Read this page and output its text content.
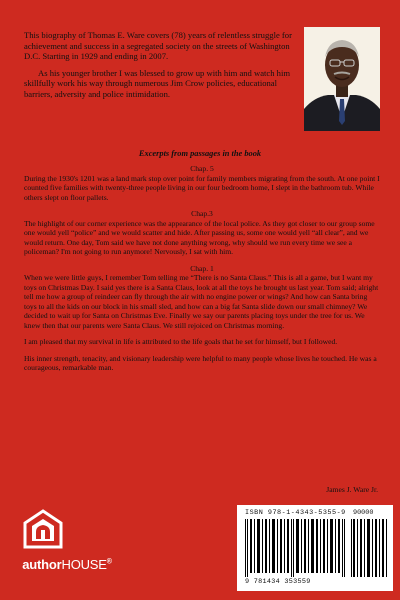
This biography of Thomas E. Ware covers (78) years of relentless struggle for achievement and success in a segregated society on the streets of Washington D.C. Starting in 1929 and ending in 2007.

As his younger brother I was blessed to grow up with him and watch him skillfully work his way through numerous Jim Crow policies, educational barriers, adversity and police intimidation.

Excerpts from passages in the book

Chap. 5

During the 1930's 1201 was a land mark stop over point for family members migrating from the south. At one point I counted five families with twenty-three people living in our four bedroom home, I slept in the bathroom tub. While others slept on floor pallets.

Chap.3

The highlight of our corner experience was the appearance of the local police. As they got closer to our group some one would yell “police” and we would scatter and hide. After passing us, some one would yell “all clear”, and we would return. One day, Tom said we have not done anything wrong, why should we run every time we see a policeman? I'm not going to run anymore! Nervously, I sat with him.

Chap. 1

When we were little guys, I remember Tom telling me “There is no Santa Claus.” This is all a game, but I want my toys on Christmas Day. I said yes there is a Santa Claus, look at all the toys he brought us last year. Tom said; alright tell me how a group of reindeer can fly through the air with no engine power or wings? And how can Santa bring toys to all the kids on our block in his small sled, and how can a big fat Santa slide down our small chimney? We decided to wait up for Santa on Christmas Eve. Finally we say our parents placing toys under the tree for us. We knew then that our parents were Santa Claus. We still rejoiced on Christmas morning.

I am pleased that my survival in life is attributed to the life goals that he set for himself, but I followed.

His inner strength, tenacity, and visionary leadership were helpful to many people whose lives he touched. He was a courageous, remarkable man.

James J. Ware Jr.
authorHOUSE®
ISBN 978-1-4343-5355-9 90000
9 781434 353559
